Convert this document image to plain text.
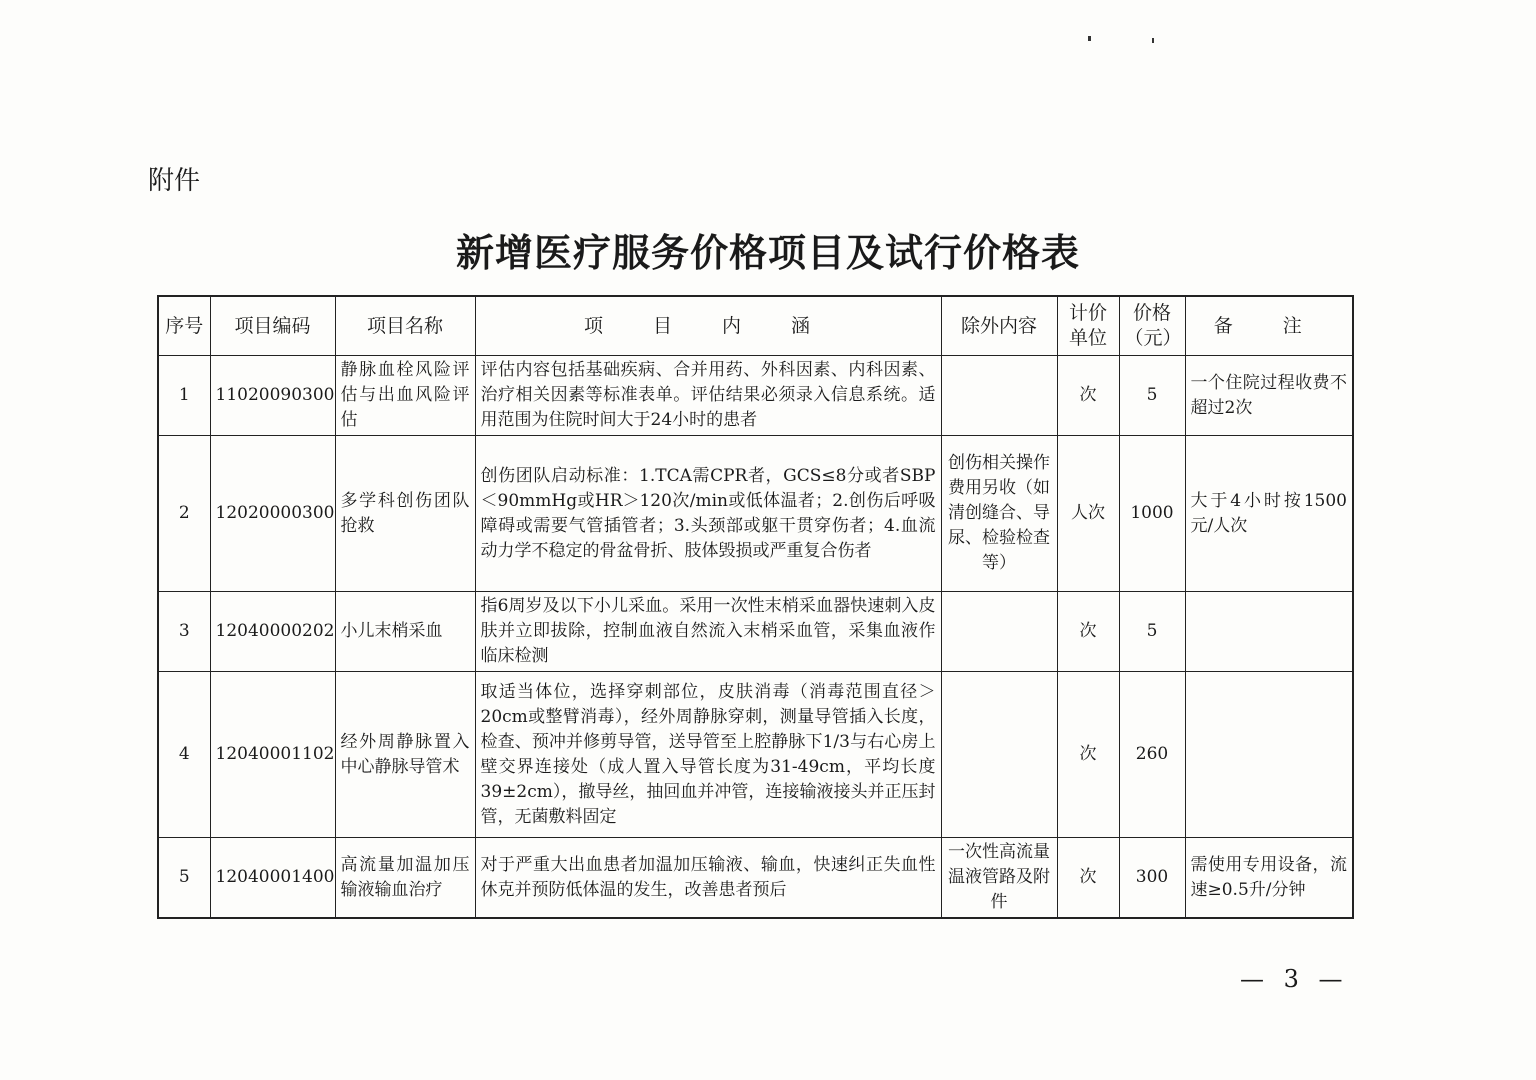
附件
新增医疗服务价格项目及试行价格表
序号	项目编码	项目名称	项 目 内 涵	除外内容	计价单位	价格（元）	备 注
1	11020090300	静脉血栓风险评估与出血风险评估	评估内容包括基础疾病、合并用药、外科因素、内科因素、治疗相关因素等标准表单。评估结果必须录入信息系统。适用范围为住院时间大于24小时的患者		次	5	一个住院过程收费不超过2次
2	12020000300	多学科创伤团队抢救	创伤团队启动标准：1.TCA需CPR者，GCS≤8分或者SBP＜90mmHg或HR＞120次/min或低体温者；2.创伤后呼吸障碍或需要气管插管者；3.头颈部或躯干贯穿伤者；4.血流动力学不稳定的骨盆骨折、肢体毁损或严重复合伤者	创伤相关操作费用另收（如清创缝合、导尿、检验检查等）	人次	1000	大于4小时按1500元/人次
3	12040000202	小儿末梢采血	指6周岁及以下小儿采血。采用一次性末梢采血器快速刺入皮肤并立即拔除，控制血液自然流入末梢采血管，采集血液作临床检测		次	5	
4	12040001102	经外周静脉置入中心静脉导管术	取适当体位，选择穿刺部位，皮肤消毒（消毒范围直径＞20cm或整臂消毒），经外周静脉穿刺，测量导管插入长度，检查、预冲并修剪导管，送导管至上腔静脉下1/3与右心房上壁交界连接处（成人置入导管长度为31-49cm，平均长度39±2cm），撤导丝，抽回血并冲管，连接输液接头并正压封管，无菌敷料固定		次	260	
5	12040001400	高流量加温加压输液输血治疗	对于严重大出血患者加温加压输液、输血，快速纠正失血性休克并预防低体温的发生，改善患者预后	一次性高流量温液管路及附件	次	300	需使用专用设备，流速≥0.5升/分钟
— 3 —
